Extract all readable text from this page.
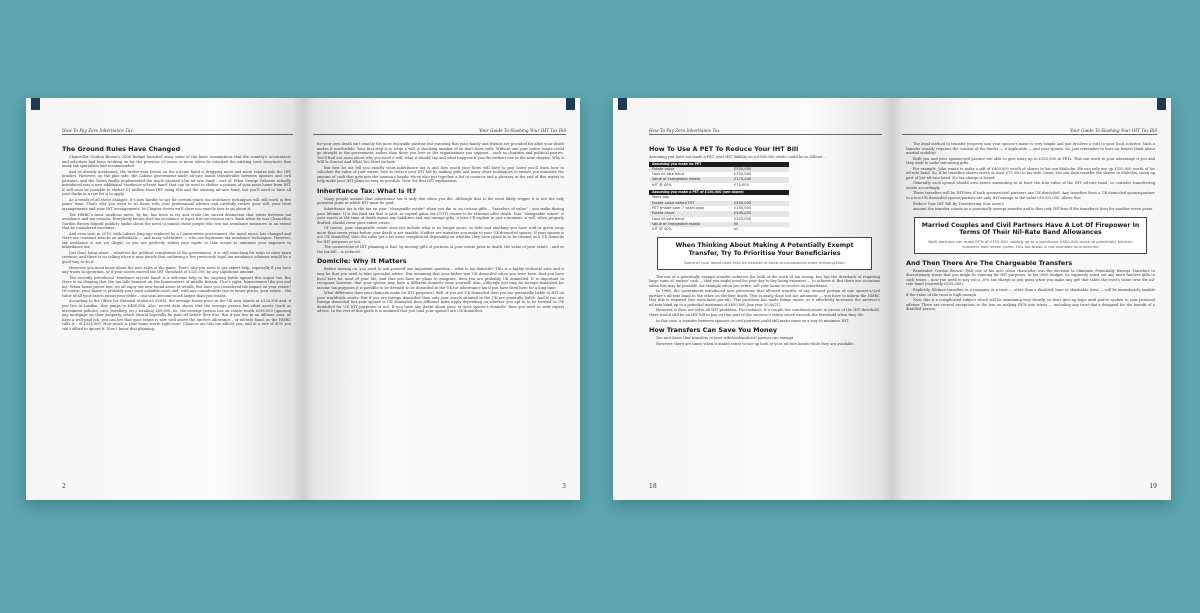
How To Pay Zero Inheritance Tax
The Ground Rules Have Changed

Chancellor Gordon Brown's 2006 Budget knocked away some of the basic assumptions that the country's accountants and solicitors had been working on for the previous 20 years or more when he attacked the existing trust structures that many tax specialists had recommended.

And as already mentioned, the twelve-year freeze on the nil-rate band is dragging more and more estates into the IHT bracket. However, on the plus side, the Labour government made nil-rate bands transferable between spouses and civil partners, and the Tories finally implemented the much vaunted £1m nil-rate band – sort of. What George Osborne actually introduced was a new additional 'residence nil-rate band' that can be used to shelter a portion of your main home from IHT. It will soon be possible to shelter £1 million from IHT using this and the existing nil-rate band, but you'll need to have all your ducks in a row for it to apply.

As a result of all these changes, it's now harder to say for certain which tax avoidance techniques will still work in five years' time. That's why you need to sit down with your professional adviser and carefully review your will, your trust arrangements and your IHT arrangements. In Chapter Seven we'll show you exactly how to go about it.

The HMRC's most insidious move, by far, has been to try and erode the sacred distinction that exists between tax avoidance and tax evasion. Everybody knows that tax avoidance is legal, but tax evasion isn't. Back when he was Chancellor, Gordon Brown himself publicly spoke about the need to punish those people who use tax avoidance measures to an extent that he considered excessive.

And even now, in 2019, with Labour long ago replaced by a Conservative government, the mood music has changed and there are constant attacks on individuals — and many celebrities — who use legitimate tax avoidance techniques. However, tax avoidance is not yet illegal, so you are perfectly within your rights to take action to minimise your exposure to inheritance tax.

Just don't hang about – whatever the political complexion of the government, it is still searching for ways to raise more revenue, and there is no telling when it may decide that outlawing a few previously legal tax avoidance schemes would be a good way to do it.

However, you must know about the new rules of the game. That's why you need to get expert help, especially if you have any trusts in operation, or if your assets exceed the IHT threshold of £325,000 by any significant amount.

The recently introduced 'residence nil-rate band' is a welcome help in the ongoing battle against this unjust tax. But there is no denying that the tax falls heaviest on the homeowners of middle Britain. That's right, homeowners like you and me. When house prices rise, we all enjoy our new-found sense of wealth. But have you considered the impact on your estate? Of course, your house is probably your most valuable asset and, with any considerable rise in house prices, your estate – the value of all your assets minus your debts – can soon become much larger than you realise.

According to the Office for National Statistics (ONS), the average house price in the UK now stands at £226,906 and, if you live in London, that jumps to £484,584. Also, recent data shows that the average person has other assets (such as investment policies, cars, jewellery, etc.) totalling £69,800. So, the average person has an estate worth £296,000 (ignoring any mortgage on their property, which should hopefully be paid off before they die). But if you live in an affluent area, or have a well-paid job, you can bet that your estate is now well above the tax-free allowance – or nil-rate band, as the HMRC calls it – of £325,000. How much is your home worth right now? Chances are this tax affects you, and at a rate of 40% you can't afford to ignore it. Now I know that planning

2
Your Guide To Slashing Your IHT Tax Bill

for your own death isn't exactly the most enjoyable pastime but ensuring that your family and friends are provided for after your death makes it worthwhile. Your first step is to write a will. A shocking number of us don't have wills. Without one your entire estate could go straight to the government, rather than those you love or the organisations you support – such as charities and political parties. You'll find out more about why you need a will, what it should say and what happens if you die without one in the next chapter, Why A Will Is Crucial And What You Must Include.

But first let me tell you exactly what inheritance tax is and how much your heirs will have to pay. Later you'll learn how to calculate the value of your estate, how to reduce your IHT bill by making gifts and many other techniques to ensure you minimise the amount of cash that gets into the taxman's hands. We've also put together a list of contacts and a glossary at the end of this report to help make your IHT plans as easy as possible. Now, for that IHT explanation...

Inheritance Tax: What Is It?

Many people assume that inheritance tax is only due when you die. Although that is the most likely trigger it is not the only potential point at which IHT must be paid.

Inheritance tax is the tax on your "chargeable estate" when you die or on certain gifts – "transfers of value" – you make during your lifetime. It is the final tax that is paid, as capital gains tax (CGT) ceases to be relevant after death. Your "chargeable estate" is your assets at the time of death minus any liabilities and any exempt gifts, a term I'll explain in just a moment. A will, when properly drafted, should cover your entire estate.

Of course, your chargeable estate does not include what is no longer yours, so debt and anything you have sold or given away more than seven years before your death is not taxable. Neither are transfers you make to your UK-domiciled spouse. If your spouse is not UK domiciled, then the rules get a bit more complicated depending on whether they have opted in to be treated as a UK domicile for IHT purposes or not.

The cornerstone of IHT planning is that, by moving gifts of portions of your estate prior to death, the value of your estate – and so the tax bill – is reduced.

Domicile: Why It Matters

Before moving on, you need to ask yourself one important question – what is my domicile? This is a highly technical area and it may be that you need to take specialist advice. But assuming that your father was UK domiciled when you were born, that you have lived here for most of your life, and that you have no plans to emigrate, then you are probably UK domiciled. It is important to recognise however, that your spouse may have a different domicile from yourself. Also, although you may be foreign domiciled for income tax purposes it is possible to be deemed to be domiciled in the UK for inheritance tax if you have lived here for a long time.

What difference does your domicile make for IHT purposes? Well, if you are UK domiciled then you are potentially liable to IHT on your worldwide assets. But if you are foreign domiciled then only your assets situated in the UK are generally liable. And if you are foreign domiciled but your spouse is UK domiciled then different rules apply depending on whether you opt in to be treated as UK domiciled for UK IHT purposes or not. If you have any doubt about your, or your spouse's domicile, then you need to seek expert advice. In the rest of this guide it is assumed that you (and your spouse) are UK domiciled.

3
How To Pay Zero Inheritance Tax
How To Use A PET To Reduce Your IHT Bill

Assuming you have not made a PET, your IHT liability on a £550,000 estate could be as follows...

Assuming you make no PET	
Estate value	£550,000
Less nil-rate band	£325,000
Value of chargeable estate	£175,000
IHT @ 40%	£70,000
Assuming you make a PET of £150,000 (see above)	
Years ago	
Estate value before PET	£550,000
PET (made over 7 years ago)	£150,000
Estate value	£400,000
Less nil-rate band	£325,000
Value of chargeable estate	nil
IHT @ 40%	nil
When Thinking About Making A Potentially Exempt Transfer, Try To Prioritise Your Beneficiaries
Some of your loved ones may be needier or have circumstances more pressing than

The use of a potentially exempt transfer achieves the bulk of the work of tax saving, but has the drawback of requiring large sums of 'excess' cash — that you might need for your day-to-day living expenses — to achieve it. But there are occasions when this may be possible, for example when you retire, sell your home or receive an inheritance.

In 1986, the government introduced new provisions that allowed transfer of any unused portion of one spouse's/civil partner's nil-rate band to the other on the first death. This is easily done but not automatic — you have to inform the HMRC that this is required (see www.hmrc.gov.uk). This provision has made things easier, as it effectively increases the survivor's nil-rate band up to a potential maximum of £650,000 (tax year 2020/21).

However, it does not solve all IHT problems. For instance, if a couple has combined assets in excess of the IHT threshold, there would still be an IHT bill to pay on that part of the survivor's estate which exceeds the threshold when they die.

In this case, a transfer between spouses or civil partners could still make sense as a way to minimise IHT.

How Transfers Can Save You Money

You now know that transfers to your wife/husband/civil partner are exempt.

However, there are times when it makes sense to use up both of your nil-rate bands while they are available.

18
Your Guide To Slashing Your IHT Tax Bill

The legal method to transfer property into your spouse's name is very simple and just involves a visit to your local solicitor. Such a transfer usually requires the consent of the lender — if applicable — and your spouse. So, just remember to have an honest think about marital stability!

Both you and your spouse/civil partner are able to give away up to £325,000 in PETs. This can work to your advantage if you and they wish to make tax-saving gifts.

For example, John wants to make a gift of £400,000 worth of shares to his son Malcolm. He can only use up £325,000 worth of his nil-rate band. So, if he transfers shares worth at least £75,000 to his wife, Susie, she can then transfer the shares to Malcolm, using up part of her nil-rate band. No tax charge is levied.

Generally each spouse should own assets amounting to at least the true value of the IHT nil-rate band, so consider transferring assets accordingly.

These transfers will be IHT-free if both spouses/civil partners are UK-domiciled. Any transfers from a UK-domiciled spouse/partner to a non-UK domiciled spouse/partner are only IHT-exempt to the value of £325,000. Above this

Reduce Your IHT Bill By Transferring Your Assets

amount the transfer counts as a potentially exempt transfer and is thus only IHT-free if the transferor lives for another seven years.

Married Couples and Civil Partners Have A Lot Of Firepower In Terms Of Their Nil-Rate Band Allowances
Both partners can make PETs of £325,000, adding up to a significant £650,000 worth of potentially tax-free transfers over seven years. This tax break is not available to unmarried
And Then There Are The Chargeable Transfers

Remember Gordon Brown? Well one of his acts when chancellor was the decision to eliminate Potentially Exempt Transfers to discretionary trusts that you might be running for IHT purposes. In his 2006 budget, he expressly ruled out any more tax-free gifts to such trusts – now you need to pay out a 20% tax charge at any point when you make any gift that takes the trust's value over the nil-rate band (currently £325,000).

Explicitly, lifetime transfers to a company or a trust — other than a disabled, bare or charitable trust — will be immediately taxable if the value of the trust is high enough.

Now, this is a complicated subject which will be examining very shortly, so don't give up hope until you've spoken to your personal adviser. There are several exceptions to the ban on making PETs into trusts — including any trust that's designed for the benefit of a disabled person.

19
